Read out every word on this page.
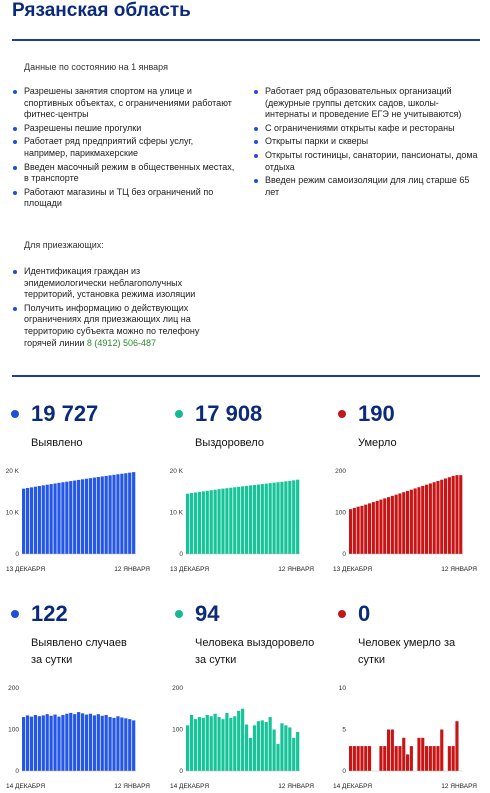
Рязанская область
Данные по состоянию на 1 января
Разрешены занятия спортом на улице и спортивных объектах, с ограничениями работают фитнес-центры
Разрешены пешие прогулки
Работает ряд предприятий сферы услуг, например, парикмахерские
Введен масочный режим в общественных местах, в транспорте
Работают магазины и ТЦ без ограничений по площади
Работает ряд образовательных организаций (дежурные группы детских садов, школы-интернаты и проведение ЕГЭ не учитываются)
С ограничениями открыты кафе и рестораны
Открыты парки и скверы
Открыты гостиницы, санатории, пансионаты, дома отдыха
Введен режим самоизоляции для лиц старше 65 лет
Для приезжающих:
Идентификация граждан из эпидемиологически неблагополучных территорий, установка режима изоляции
Получить информацию о действующих ограничениях для приезжающих лиц на территорию субъекта можно по телефону горячей линии 8 (4912) 506-487
19 727
Выявлено
17 908
Выздоровело
190
Умерло
122
Выявлено случаев за сутки
94
Человека выздоровело за сутки
0
Человек умерло за сутки
0
10 K
20 K
13 ДЕКАБРЯ	12 ЯНВАРЯ
0
10 K
20 K
13 ДЕКАБРЯ	12 ЯНВАРЯ
0
100
200
13 ДЕКАБРЯ	12 ЯНВАРЯ
0
100
200
14 ДЕКАБРЯ	12 ЯНВАРЯ
0
100
200
14 ДЕКАБРЯ	12 ЯНВАРЯ
0
5
10
14 ДЕКАБРЯ	12 ЯНВАРЯ
